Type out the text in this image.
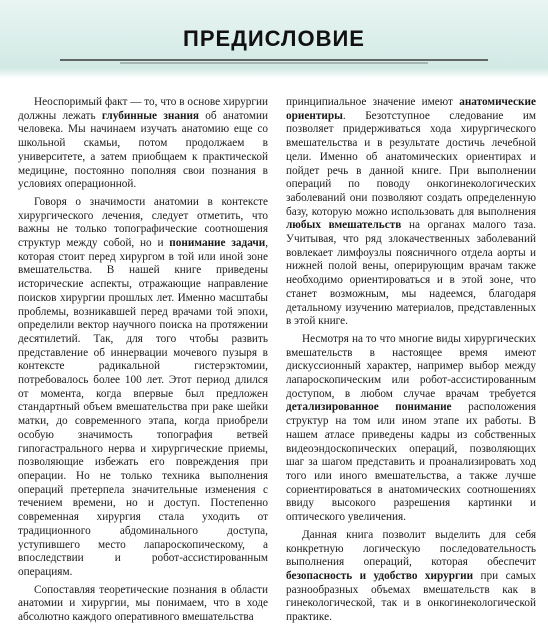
ПРЕДИСЛОВИЕ

Неоспоримый факт — то, что в основе хирургии должны лежать глубинные знания об анатомии человека. Мы начинаем изучать анатомию еще со школьной скамьи, потом продолжаем в университете, а затем приобщаем к практической медицине, постоянно пополняя свои познания в условиях операционной.

Говоря о значимости анатомии в контексте хирургического лечения, следует отметить, что важны не только топографические соотношения структур между собой, но и понимание задачи, которая стоит перед хирургом в той или иной зоне вмешательства. В нашей книге приведены исторические аспекты, отражающие направление поисков хирургии прошлых лет. Именно масштабы проблемы, возникавшей перед врачами той эпохи, определили вектор научного поиска на протяжении десятилетий. Так, для того чтобы развить представление об иннервации мочевого пузыря в контексте радикальной гистерэктомии, потребовалось более 100 лет. Этот период длился от момента, когда впервые был предложен стандартный объем вмешательства при раке шейки матки, до современного этапа, когда приобрели особую значимость топография ветвей гипогастрального нерва и хирургические приемы, позволяющие избежать его повреждения при операции. Но не только техника выполнения операций претерпела значительные изменения с течением времени, но и доступ. Постепенно современная хирургия стала уходить от традиционного абдоминального доступа, уступившего место лапароскопическому, а впоследствии и робот-ассистированным операциям.

Сопоставляя теоретические познания в области анатомии и хирургии, мы понимаем, что в ходе абсолютно каждого оперативного вмешательства

принципиальное значение имеют анатомические ориентиры. Безотступное следование им позволяет придерживаться хода хирургического вмешательства и в результате достичь лечебной цели. Именно об анатомических ориентирах и пойдет речь в данной книге. При выполнении операций по поводу онкогинекологических заболеваний они позволяют создать определенную базу, которую можно использовать для выполнения любых вмешательств на органах малого таза. Учитывая, что ряд злокачественных заболеваний вовлекает лимфоузлы поясничного отдела аорты и нижней полой вены, оперирующим врачам также необходимо ориентироваться и в этой зоне, что станет возможным, мы надеемся, благодаря детальному изучению материалов, представленных в этой книге.

Несмотря на то что многие виды хирургических вмешательств в настоящее время имеют дискуссионный характер, например выбор между лапароскопическим или робот-ассистированным доступом, в любом случае врачам требуется детализированное понимание расположения структур на том или ином этапе их работы. В нашем атласе приведены кадры из собственных видеоэндоскопических операций, позволяющих шаг за шагом представить и проанализировать ход того или иного вмешательства, а также лучше сориентироваться в анатомических соотношениях ввиду высокого разрешения картинки и оптического увеличения.

Данная книга позволит выделить для себя конкретную логическую последовательность выполнения операций, которая обеспечит безопасность и удобство хирургии при самых разнообразных объемах вмешательств как в гинекологической, так и в онкогинекологической практике.
